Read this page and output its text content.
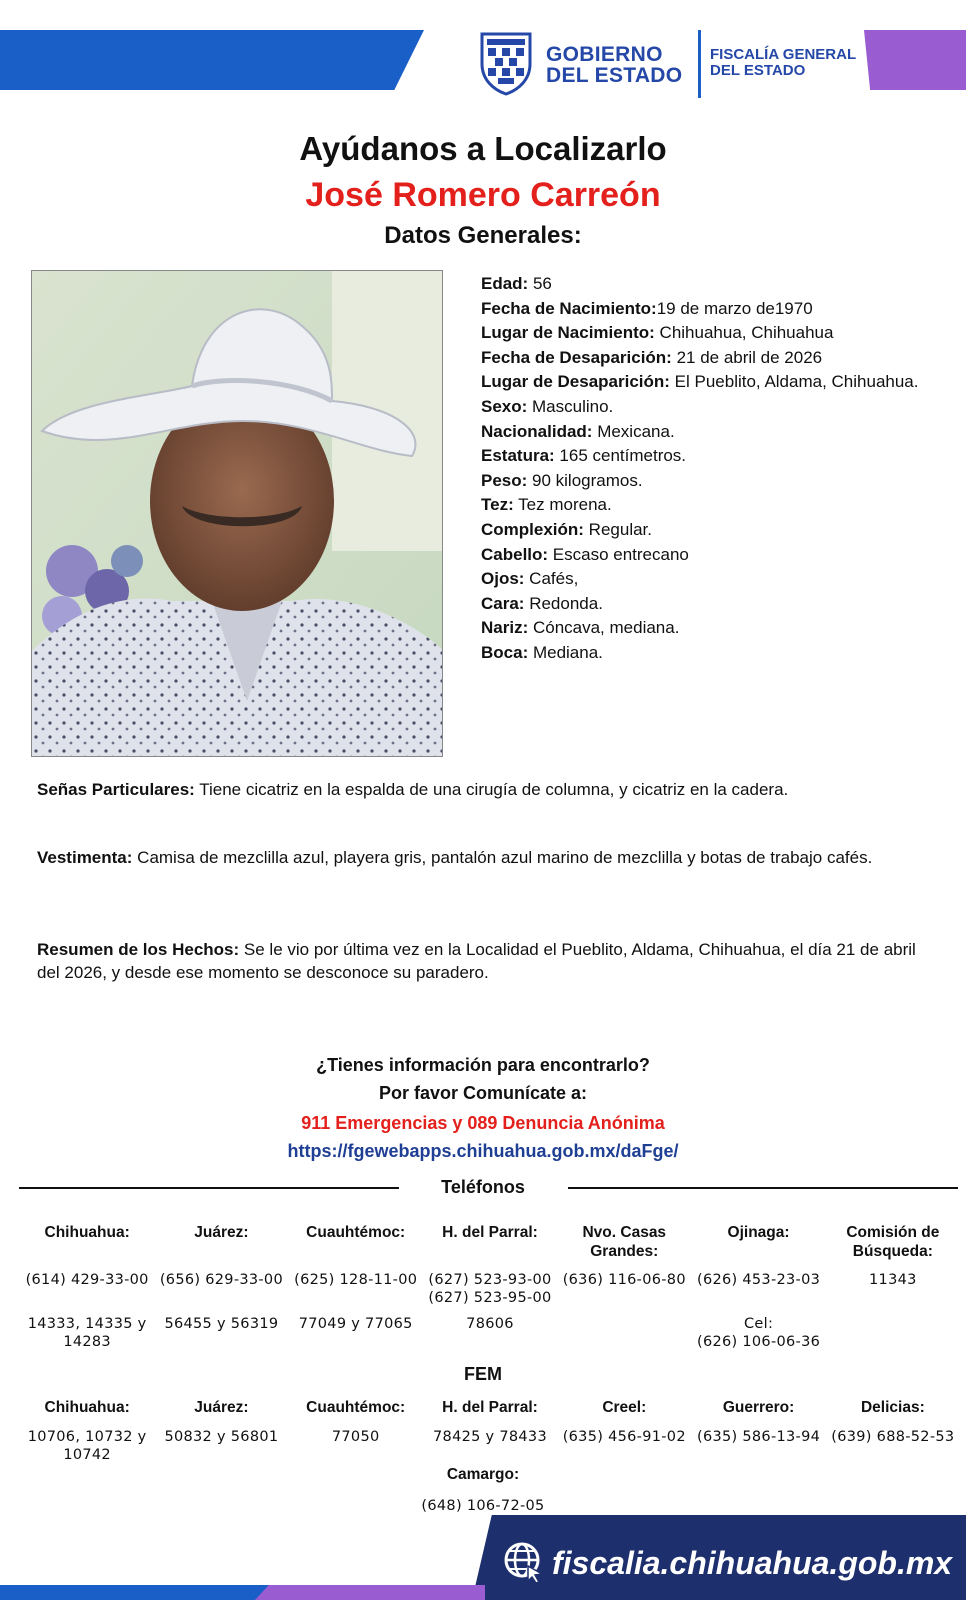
GOBIERNO
DEL ESTADO
FISCALÍA GENERAL
DEL ESTADO
Ayúdanos a Localizarlo
José Romero Carreón
Datos Generales:
Edad: 56
Fecha de Nacimiento:19 de marzo de1970
Lugar de Nacimiento: Chihuahua, Chihuahua
Fecha de Desaparición: 21 de abril de 2026
Lugar de Desaparición: El Pueblito, Aldama, Chihuahua.
Sexo: Masculino.
Nacionalidad: Mexicana.
Estatura: 165 centímetros.
Peso: 90 kilogramos.
Tez: Tez morena.
Complexión: Regular.
Cabello: Escaso entrecano
Ojos: Cafés,
Cara: Redonda.
Nariz: Cóncava, mediana.
Boca: Mediana.
Señas Particulares: Tiene cicatriz en la espalda de una cirugía de columna, y cicatriz en la cadera.
Vestimenta: Camisa de mezclilla azul, playera gris, pantalón azul marino de mezclilla y botas de trabajo cafés.
Resumen de los Hechos: Se le vio por última vez en la Localidad el Pueblito, Aldama, Chihuahua, el día 21 de abril del 2026, y desde ese momento se desconoce su paradero.
¿Tienes información para encontrarlo?
Por favor Comunícate a:
911 Emergencias y 089 Denuncia Anónima
https://fgewebapps.chihuahua.gob.mx/daFge/
Teléfonos
Chihuahua:
(614) 429-33-00
14333, 14335 y 14283
Juárez:
(656) 629-33-00
56455 y 56319
Cuauhtémoc:
(625) 128-11-00
77049 y 77065
H. del Parral:
(627) 523-93-00
(627) 523-95-00
78606
Nvo. Casas Grandes:
(636) 116-06-80
Ojinaga:
(626) 453-23-03
Cel:
(626) 106-06-36
Comisión de Búsqueda:
11343
FEM
Chihuahua:
10706, 10732 y 10742
Juárez:
50832 y 56801
Cuauhtémoc:
77050
H. del Parral:
78425 y 78433
Creel:
(635) 456-91-02
Guerrero:
(635) 586-13-94
Delicias:
(639) 688-52-53
Camargo:
(648) 106-72-05
fiscalia.chihuahua.gob.mx
